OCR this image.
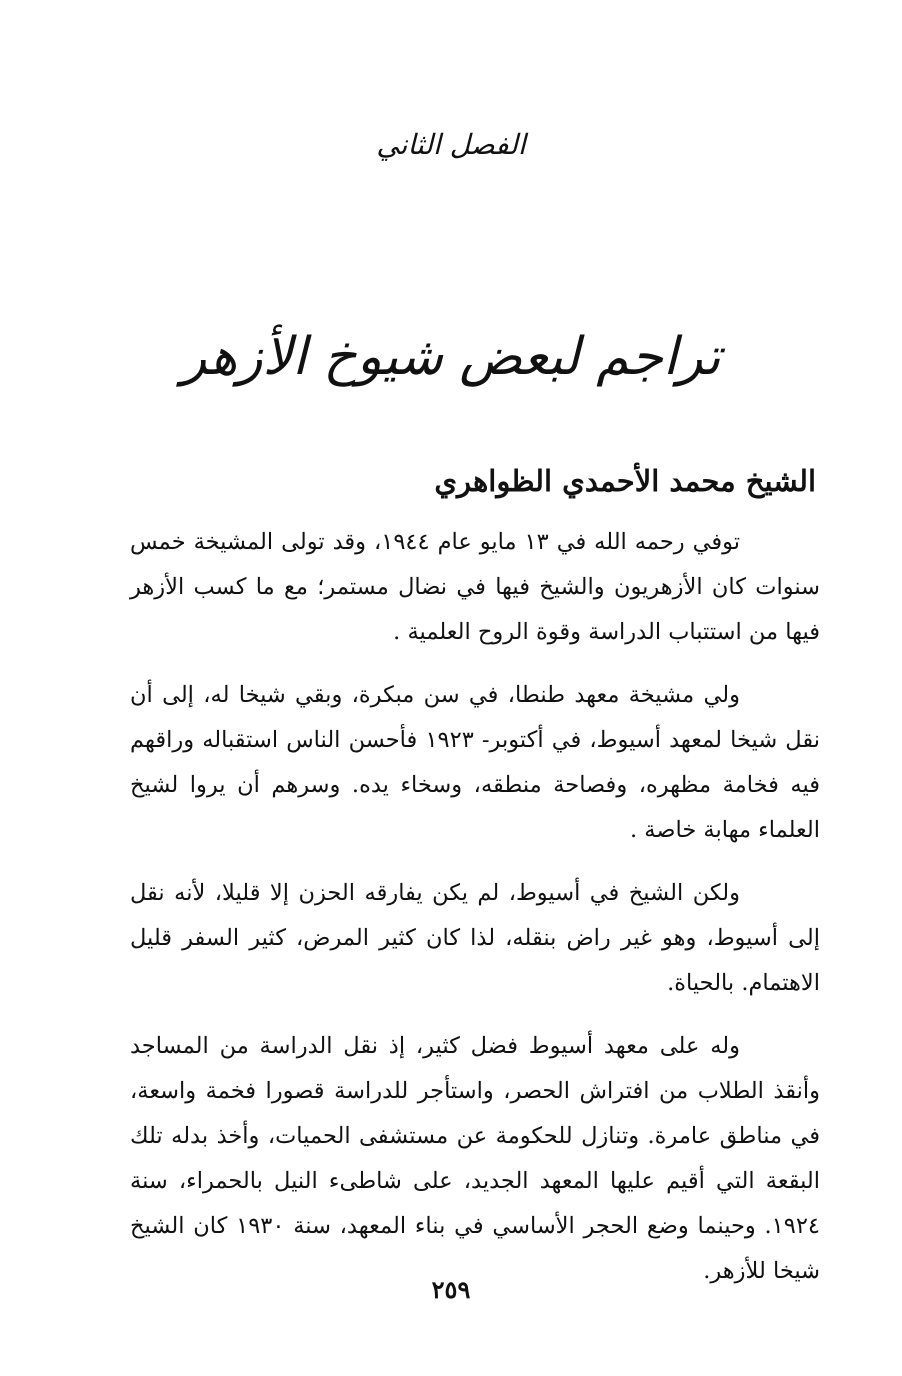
الفصل الثاني
تراجم لبعض شيوخ الأزهر
الشيخ محمد الأحمدي الظواهري

توفي رحمه الله في ١٣ مايو عام ١٩٤٤، وقد تولى المشيخة خمس سنوات كان الأزهريون والشيخ فيها في نضال مستمر؛ مع ما كسب الأزهر فيها من استتباب الدراسة وقوة الروح العلمية .

ولي مشيخة معهد طنطا، في سن مبكرة، وبقي شيخا له، إلى أن نقل شيخا لمعهد أسيوط، في أكتوبر- ١٩٢٣ فأحسن الناس استقباله وراقهم فيه فخامة مظهره، وفصاحة منطقه، وسخاء يده. وسرهم أن يروا لشيخ العلماء مهابة خاصة .

ولكن الشيخ في أسيوط، لم يكن يفارقه الحزن إلا قليلا، لأنه نقل إلى أسيوط، وهو غير راض بنقله، لذا كان كثير المرض، كثير السفر قليل الاهتمام. بالحياة.

وله على معهد أسيوط فضل كثير، إذ نقل الدراسة من المساجد وأنقذ الطلاب من افتراش الحصر، واستأجر للدراسة قصورا فخمة واسعة، في مناطق عامرة. وتنازل للحكومة عن مستشفى الحميات، وأخذ بدله تلك البقعة التي أقيم عليها المعهد الجديد، على شاطىء النيل بالحمراء، سنة ١٩٢٤. وحينما وضع الحجر الأساسي في بناء المعهد، سنة ١٩٣٠ كان الشيخ شيخا للأزهر.

٢٥٩
